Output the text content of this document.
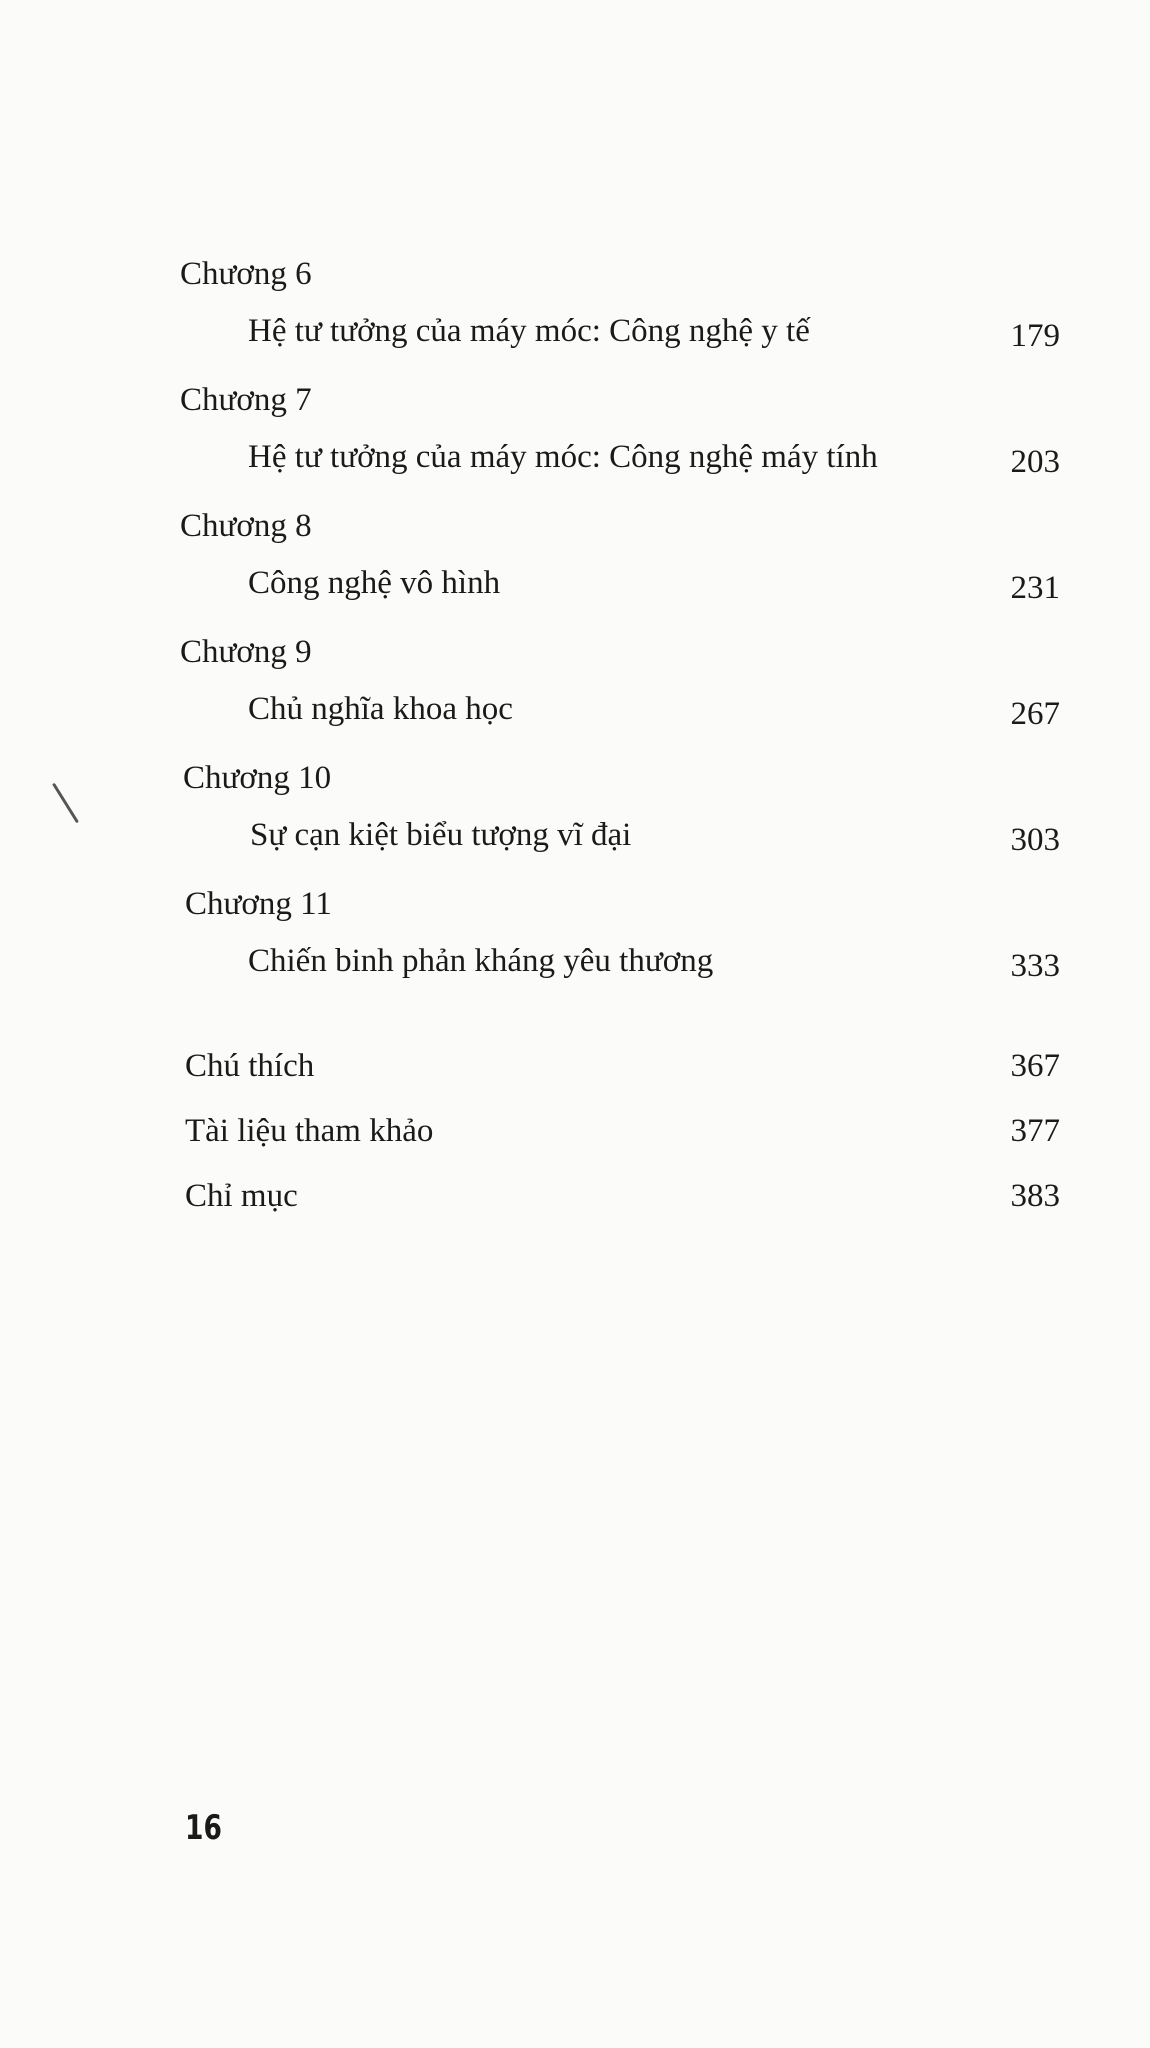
Chương 6
Hệ tư tưởng của máy móc: Công nghệ y tế	179
Chương 7
Hệ tư tưởng của máy móc: Công nghệ máy tính	203
Chương 8
Công nghệ vô hình	231
Chương 9
Chủ nghĩa khoa học	267
Chương 10
Sự cạn kiệt biểu tượng vĩ đại	303
Chương 11
Chiến binh phản kháng yêu thương	333
Chú thích	367
Tài liệu tham khảo	377
Chỉ mục	383
16
